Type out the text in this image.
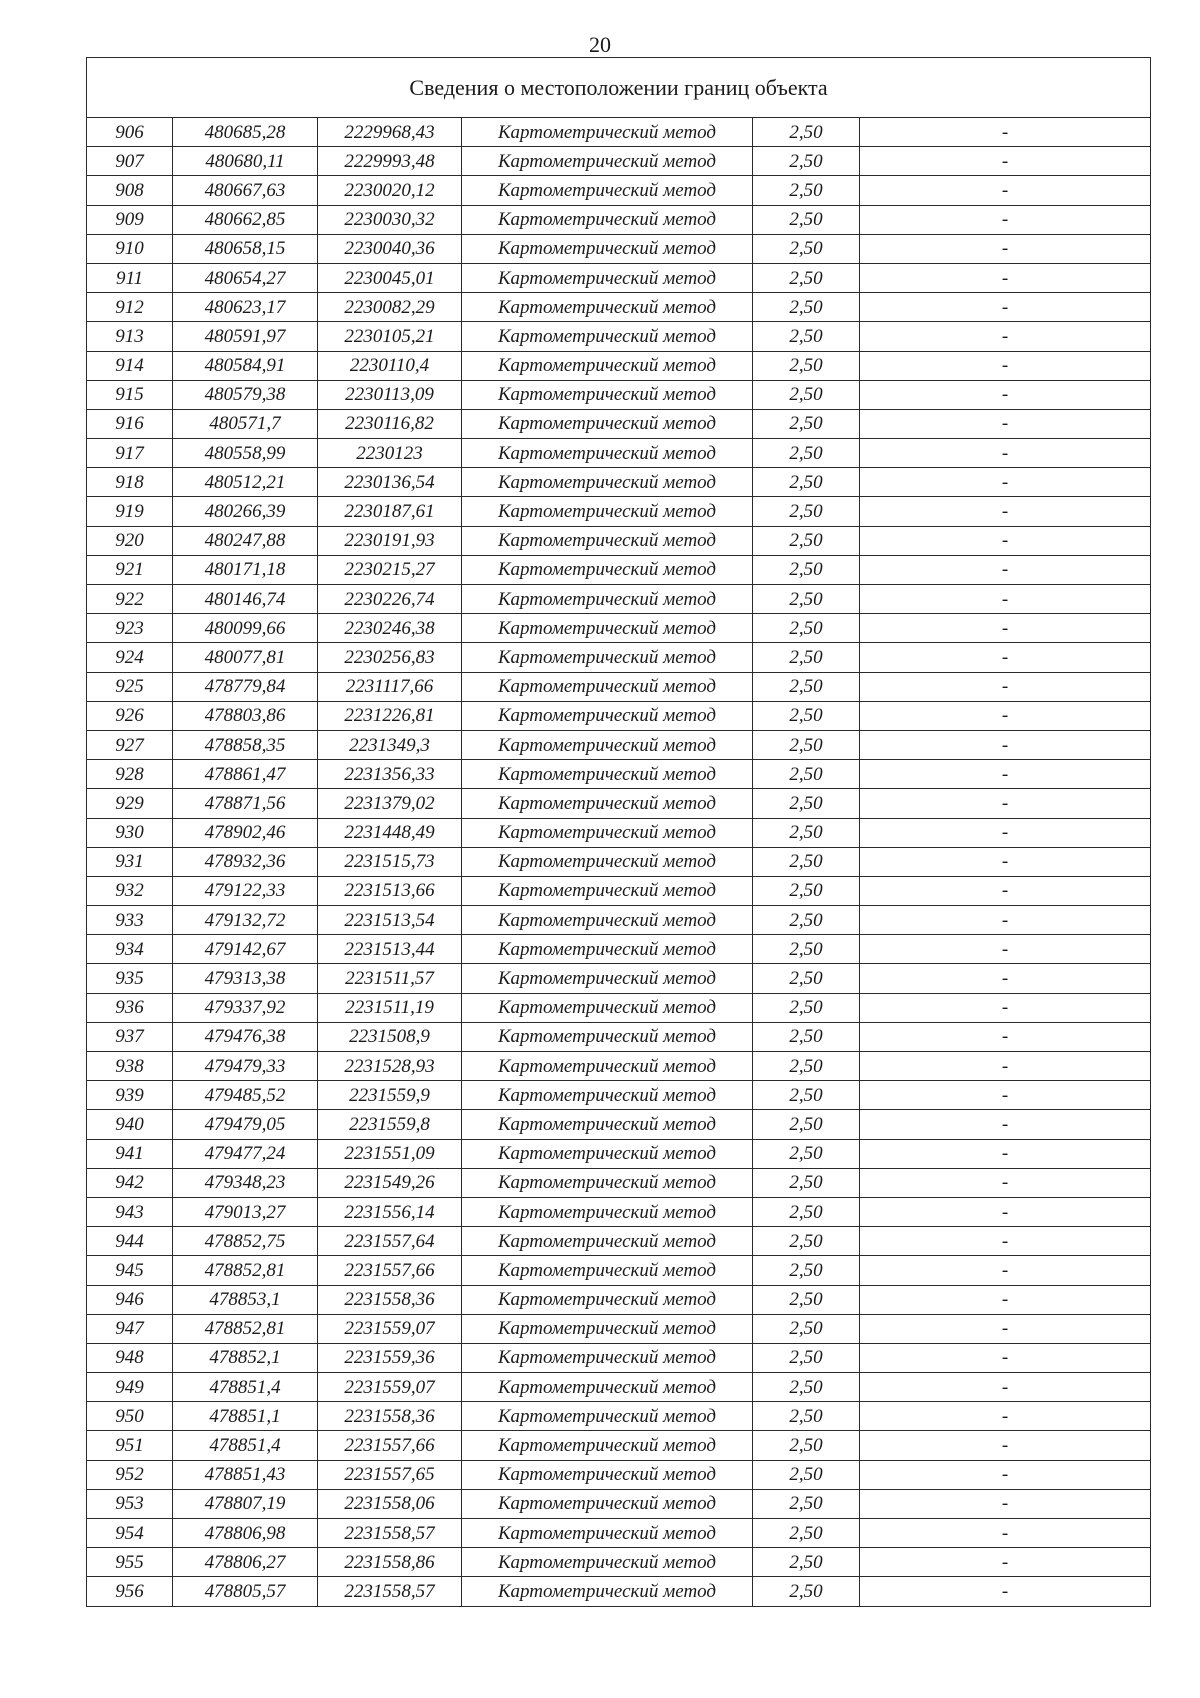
20
Сведения о местоположении границ объекта					
906	480685,28	2229968,43	Картометрический метод	2,50	-
907	480680,11	2229993,48	Картометрический метод	2,50	-
908	480667,63	2230020,12	Картометрический метод	2,50	-
909	480662,85	2230030,32	Картометрический метод	2,50	-
910	480658,15	2230040,36	Картометрический метод	2,50	-
911	480654,27	2230045,01	Картометрический метод	2,50	-
912	480623,17	2230082,29	Картометрический метод	2,50	-
913	480591,97	2230105,21	Картометрический метод	2,50	-
914	480584,91	2230110,4	Картометрический метод	2,50	-
915	480579,38	2230113,09	Картометрический метод	2,50	-
916	480571,7	2230116,82	Картометрический метод	2,50	-
917	480558,99	2230123	Картометрический метод	2,50	-
918	480512,21	2230136,54	Картометрический метод	2,50	-
919	480266,39	2230187,61	Картометрический метод	2,50	-
920	480247,88	2230191,93	Картометрический метод	2,50	-
921	480171,18	2230215,27	Картометрический метод	2,50	-
922	480146,74	2230226,74	Картометрический метод	2,50	-
923	480099,66	2230246,38	Картометрический метод	2,50	-
924	480077,81	2230256,83	Картометрический метод	2,50	-
925	478779,84	2231117,66	Картометрический метод	2,50	-
926	478803,86	2231226,81	Картометрический метод	2,50	-
927	478858,35	2231349,3	Картометрический метод	2,50	-
928	478861,47	2231356,33	Картометрический метод	2,50	-
929	478871,56	2231379,02	Картометрический метод	2,50	-
930	478902,46	2231448,49	Картометрический метод	2,50	-
931	478932,36	2231515,73	Картометрический метод	2,50	-
932	479122,33	2231513,66	Картометрический метод	2,50	-
933	479132,72	2231513,54	Картометрический метод	2,50	-
934	479142,67	2231513,44	Картометрический метод	2,50	-
935	479313,38	2231511,57	Картометрический метод	2,50	-
936	479337,92	2231511,19	Картометрический метод	2,50	-
937	479476,38	2231508,9	Картометрический метод	2,50	-
938	479479,33	2231528,93	Картометрический метод	2,50	-
939	479485,52	2231559,9	Картометрический метод	2,50	-
940	479479,05	2231559,8	Картометрический метод	2,50	-
941	479477,24	2231551,09	Картометрический метод	2,50	-
942	479348,23	2231549,26	Картометрический метод	2,50	-
943	479013,27	2231556,14	Картометрический метод	2,50	-
944	478852,75	2231557,64	Картометрический метод	2,50	-
945	478852,81	2231557,66	Картометрический метод	2,50	-
946	478853,1	2231558,36	Картометрический метод	2,50	-
947	478852,81	2231559,07	Картометрический метод	2,50	-
948	478852,1	2231559,36	Картометрический метод	2,50	-
949	478851,4	2231559,07	Картометрический метод	2,50	-
950	478851,1	2231558,36	Картометрический метод	2,50	-
951	478851,4	2231557,66	Картометрический метод	2,50	-
952	478851,43	2231557,65	Картометрический метод	2,50	-
953	478807,19	2231558,06	Картометрический метод	2,50	-
954	478806,98	2231558,57	Картометрический метод	2,50	-
955	478806,27	2231558,86	Картометрический метод	2,50	-
956	478805,57	2231558,57	Картометрический метод	2,50	-
